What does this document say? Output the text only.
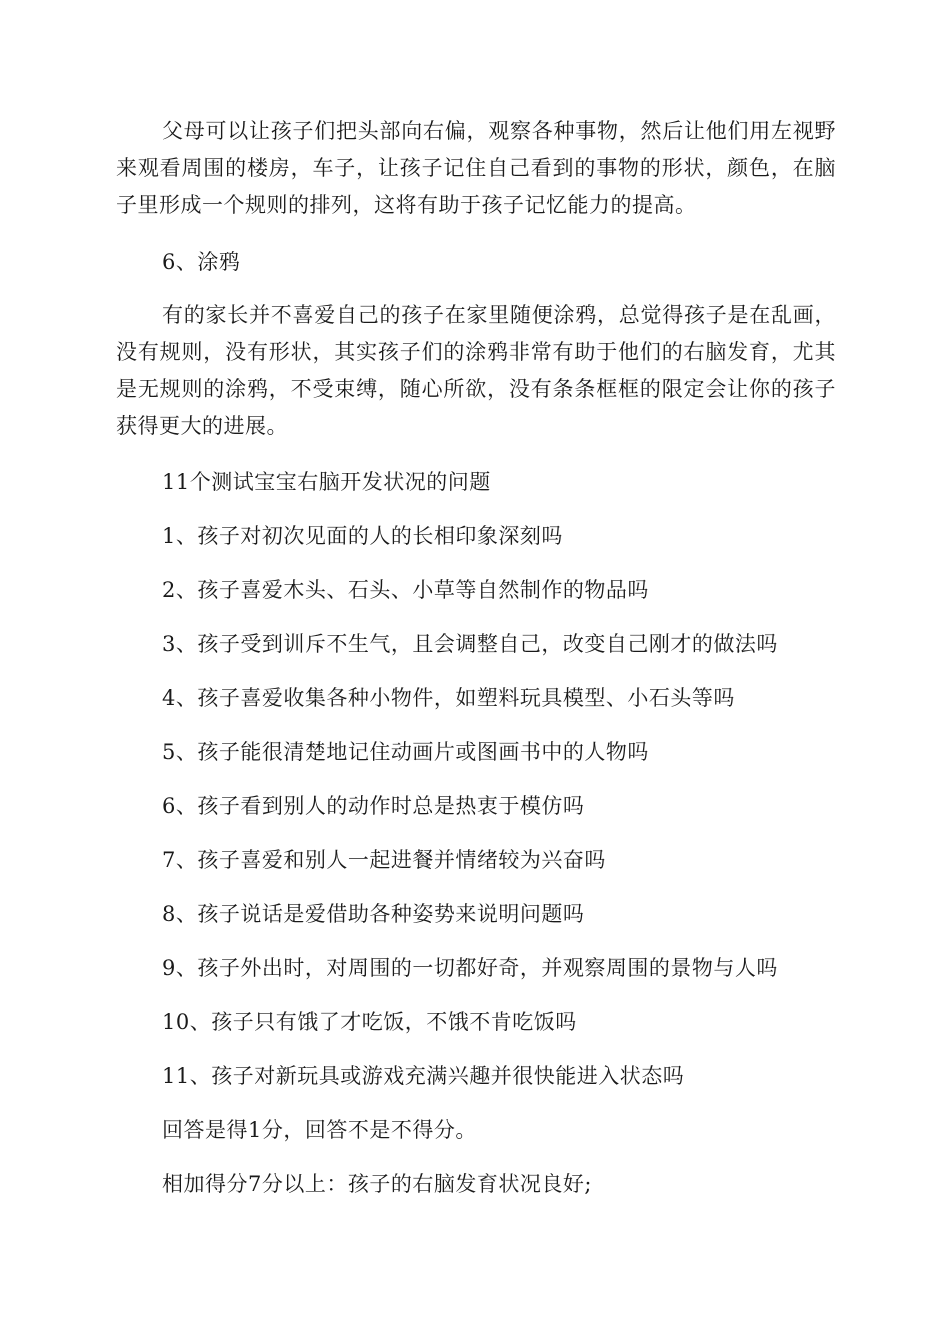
父母可以让孩子们把头部向右偏，观察各种事物，然后让他们用左视野来观看周围的楼房，车子，让孩子记住自己看到的事物的形状，颜色，在脑子里形成一个规则的排列，这将有助于孩子记忆能力的提高。

6、涂鸦

有的家长并不喜爱自己的孩子在家里随便涂鸦，总觉得孩子是在乱画，没有规则，没有形状，其实孩子们的涂鸦非常有助于他们的右脑发育，尤其是无规则的涂鸦，不受束缚，随心所欲，没有条条框框的限定会让你的孩子获得更大的进展。

11个测试宝宝右脑开发状况的问题

1、孩子对初次见面的人的长相印象深刻吗

2、孩子喜爱木头、石头、小草等自然制作的物品吗

3、孩子受到训斥不生气，且会调整自己，改变自己刚才的做法吗

4、孩子喜爱收集各种小物件，如塑料玩具模型、小石头等吗

5、孩子能很清楚地记住动画片或图画书中的人物吗

6、孩子看到别人的动作时总是热衷于模仿吗

7、孩子喜爱和别人一起进餐并情绪较为兴奋吗

8、孩子说话是爱借助各种姿势来说明问题吗

9、孩子外出时，对周围的一切都好奇，并观察周围的景物与人吗

10、孩子只有饿了才吃饭，不饿不肯吃饭吗

11、孩子对新玩具或游戏充满兴趣并很快能进入状态吗

回答是得1分，回答不是不得分。

相加得分7分以上：孩子的右脑发育状况良好;
